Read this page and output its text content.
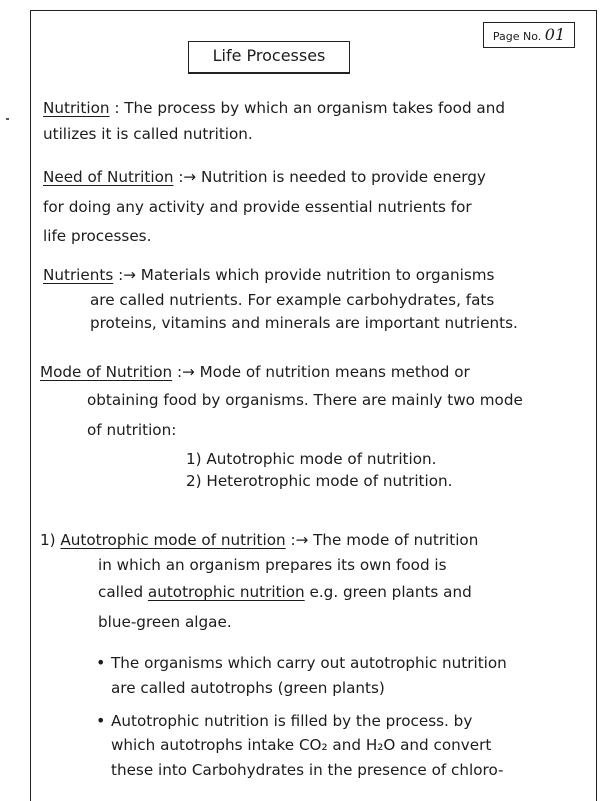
Page No. 01
Life Processes
Nutrition : The process by which an organism takes food and
utilizes it is called nutrition.
Need of Nutrition :→ Nutrition is needed to provide energy
for doing any activity and provide essential nutrients for
life processes.
Nutrients :→ Materials which provide nutrition to organisms
are called nutrients. For example carbohydrates, fats
proteins, vitamins and minerals are important nutrients.
Mode of Nutrition :→ Mode of nutrition means method or
obtaining food by organisms. There are mainly two mode
of nutrition:
1) Autotrophic mode of nutrition.
2) Heterotrophic mode of nutrition.
1) Autotrophic mode of nutrition :→ The mode of nutrition
in which an organism prepares its own food is
called autotrophic nutrition e.g. green plants and
blue-green algae.
• The organisms which carry out autotrophic nutrition
are called autotrophs (green plants)
• Autotrophic nutrition is filled by the process. by
which autotrophs intake CO₂ and H₂O and convert
these into Carbohydrates in the presence of chloro-
